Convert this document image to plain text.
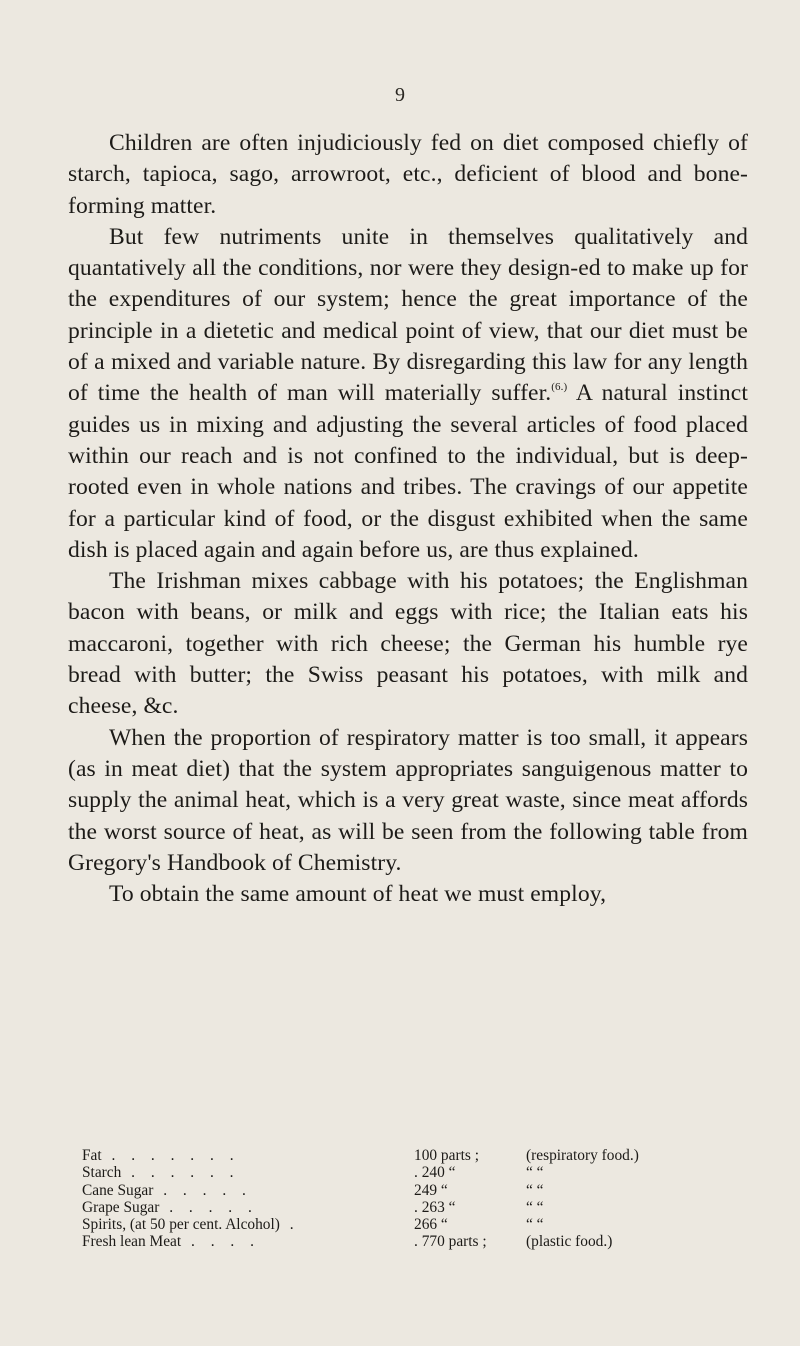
9

Children are often injudiciously fed on diet composed chiefly of starch, tapioca, sago, arrowroot, etc., deficient of blood and bone-forming matter.

But few nutriments unite in themselves qualitatively and quantatively all the conditions, nor were they design-ed to make up for the expenditures of our system; hence the great importance of the principle in a dietetic and medical point of view, that our diet must be of a mixed and variable nature. By disregarding this law for any length of time the health of man will materially suffer.$^{(6.)}$ A natural instinct guides us in mixing and adjusting the several articles of food placed within our reach and is not confined to the individual, but is deep-rooted even in whole nations and tribes. The cravings of our appetite for a particular kind of food, or the disgust exhibited when the same dish is placed again and again before us, are thus explained.

The Irishman mixes cabbage with his potatoes; the Englishman bacon with beans, or milk and eggs with rice; the Italian eats his maccaroni, together with rich cheese; the German his humble rye bread with butter; the Swiss peasant his potatoes, with milk and cheese, &c.

When the proportion of respiratory matter is too small, it appears (as in meat diet) that the system appropriates sanguigenous matter to supply the animal heat, which is a very great waste, since meat affords the worst source of heat, as will be seen from the following table from Gregory's Handbook of Chemistry.

To obtain the same amount of heat we must employ,

Fat . . . . . . .	100 parts ;	(respiratory food.)
Starch . . . . . .	. 240 “	“ “
Cane Sugar . . . . .	249 “	“ “
Grape Sugar . . . . .	. 263 “	“ “
Spirits, (at 50 per cent. Alcohol) .	266 “	“ “
Fresh lean Meat . . . .	. 770 parts ;	(plastic food.)
